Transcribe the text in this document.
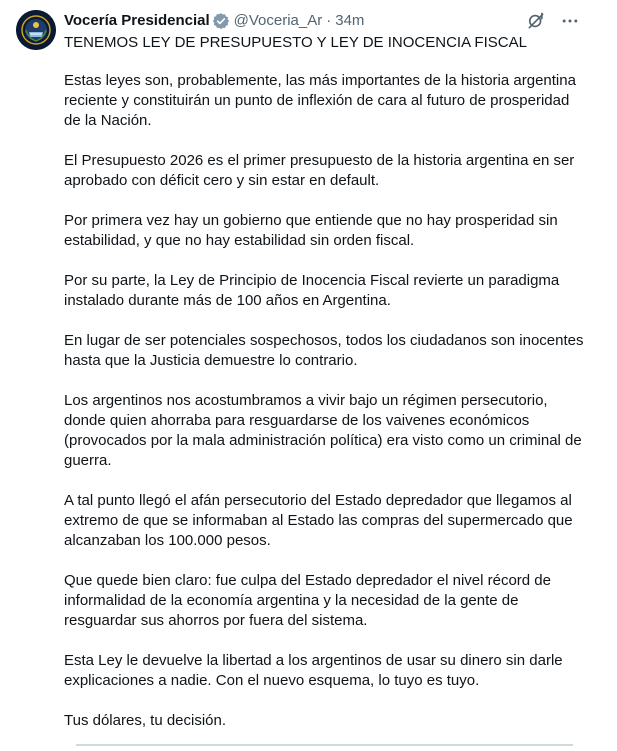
Vocería Presidencial @Voceria_Ar · 34m

TENEMOS LEY DE PRESUPUESTO Y LEY DE INOCENCIA FISCAL

Estas leyes son, probablemente, las más importantes de la historia argentina reciente y constituirán un punto de inflexión de cara al futuro de prosperidad de la Nación.

El Presupuesto 2026 es el primer presupuesto de la historia argentina en ser aprobado con déficit cero y sin estar en default.

Por primera vez hay un gobierno que entiende que no hay prosperidad sin estabilidad, y que no hay estabilidad sin orden fiscal.

Por su parte, la Ley de Principio de Inocencia Fiscal revierte un paradigma instalado durante más de 100 años en Argentina.

En lugar de ser potenciales sospechosos, todos los ciudadanos son inocentes hasta que la Justicia demuestre lo contrario.

Los argentinos nos acostumbramos a vivir bajo un régimen persecutorio, donde quien ahorraba para resguardarse de los vaivenes económicos (provocados por la mala administración política) era visto como un criminal de guerra.

A tal punto llegó el afán persecutorio del Estado depredador que llegamos al extremo de que se informaban al Estado las compras del supermercado que alcanzaban los 100.000 pesos.

Que quede bien claro: fue culpa del Estado depredador el nivel récord de informalidad de la economía argentina y la necesidad de la gente de resguardar sus ahorros por fuera del sistema.

Esta Ley le devuelve la libertad a los argentinos de usar su dinero sin darle explicaciones a nadie. Con el nuevo esquema, lo tuyo es tuyo.

Tus dólares, tu decisión.
